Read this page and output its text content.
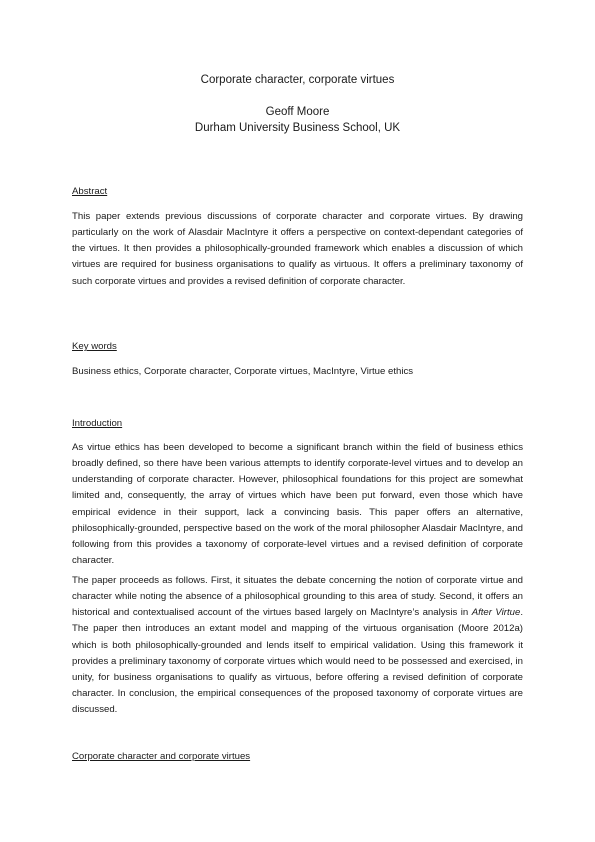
Corporate character, corporate virtues
Geoff Moore
Durham University Business School, UK
Abstract

This paper extends previous discussions of corporate character and corporate virtues. By drawing particularly on the work of Alasdair MacIntyre it offers a perspective on context-dependant categories of the virtues. It then provides a philosophically-grounded framework which enables a discussion of which virtues are required for business organisations to qualify as virtuous. It offers a preliminary taxonomy of such corporate virtues and provides a revised definition of corporate character.

Key words

Business ethics, Corporate character, Corporate virtues, MacIntyre, Virtue ethics

Introduction

As virtue ethics has been developed to become a significant branch within the field of business ethics broadly defined, so there have been various attempts to identify corporate-level virtues and to develop an understanding of corporate character. However, philosophical foundations for this project are somewhat limited and, consequently, the array of virtues which have been put forward, even those which have empirical evidence in their support, lack a convincing basis. This paper offers an alternative, philosophically-grounded, perspective based on the work of the moral philosopher Alasdair MacIntyre, and following from this provides a taxonomy of corporate-level virtues and a revised definition of corporate character.

The paper proceeds as follows. First, it situates the debate concerning the notion of corporate virtue and character while noting the absence of a philosophical grounding to this area of study. Second, it offers an historical and contextualised account of the virtues based largely on MacIntyre’s analysis in After Virtue. The paper then introduces an extant model and mapping of the virtuous organisation (Moore 2012a) which is both philosophically-grounded and lends itself to empirical validation. Using this framework it provides a preliminary taxonomy of corporate virtues which would need to be possessed and exercised, in unity, for business organisations to qualify as virtuous, before offering a revised definition of corporate character. In conclusion, the empirical consequences of the proposed taxonomy of corporate virtues are discussed.

Corporate character and corporate virtues
